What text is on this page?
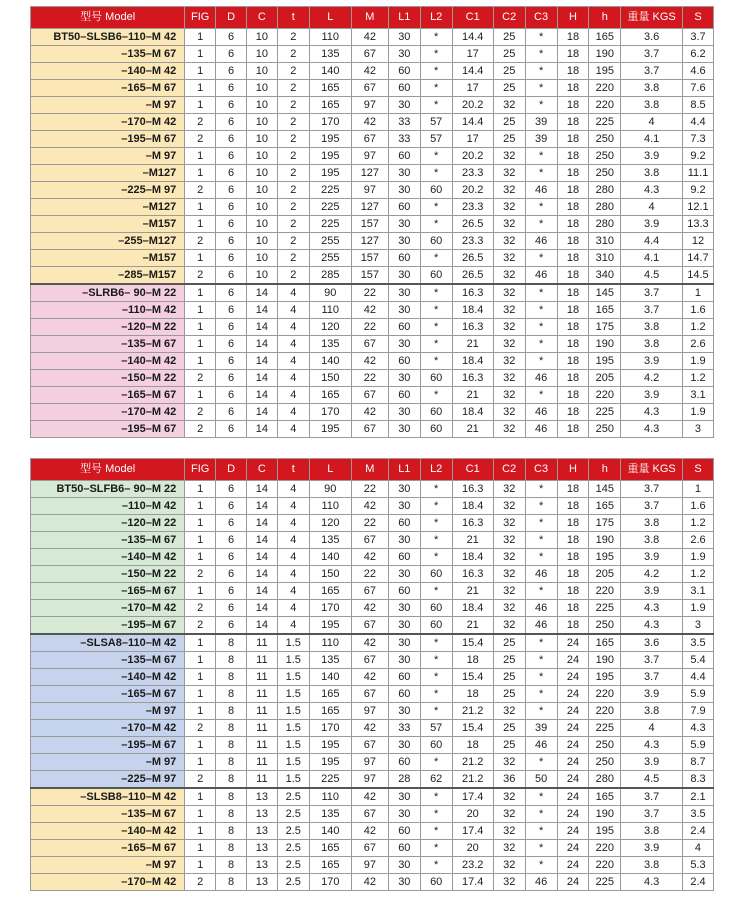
型号 Model	FIG	D	C	t	L	M	L1	L2	C1	C2	C3	H	h	重量 KGS	S
BT50–SLSB6–110–M 42	1	6	10	2	110	42	30	*	14.4	25	*	18	165	3.6	3.7
–135–M 67	1	6	10	2	135	67	30	*	17	25	*	18	190	3.7	6.2
–140–M 42	1	6	10	2	140	42	60	*	14.4	25	*	18	195	3.7	4.6
–165–M 67	1	6	10	2	165	67	60	*	17	25	*	18	220	3.8	7.6
–M 97	1	6	10	2	165	97	30	*	20.2	32	*	18	220	3.8	8.5
–170–M 42	2	6	10	2	170	42	33	57	14.4	25	39	18	225	4	4.4
–195–M 67	2	6	10	2	195	67	33	57	17	25	39	18	250	4.1	7.3
–M 97	1	6	10	2	195	97	60	*	20.2	32	*	18	250	3.9	9.2
–M127	1	6	10	2	195	127	30	*	23.3	32	*	18	250	3.8	11.1
–225–M 97	2	6	10	2	225	97	30	60	20.2	32	46	18	280	4.3	9.2
–M127	1	6	10	2	225	127	60	*	23.3	32	*	18	280	4	12.1
–M157	1	6	10	2	225	157	30	*	26.5	32	*	18	280	3.9	13.3
–255–M127	2	6	10	2	255	127	30	60	23.3	32	46	18	310	4.4	12
–M157	1	6	10	2	255	157	60	*	26.5	32	*	18	310	4.1	14.7
–285–M157	2	6	10	2	285	157	30	60	26.5	32	46	18	340	4.5	14.5
–SLRB6– 90–M 22	1	6	14	4	90	22	30	*	16.3	32	*	18	145	3.7	1
–110–M 42	1	6	14	4	110	42	30	*	18.4	32	*	18	165	3.7	1.6
–120–M 22	1	6	14	4	120	22	60	*	16.3	32	*	18	175	3.8	1.2
–135–M 67	1	6	14	4	135	67	30	*	21	32	*	18	190	3.8	2.6
–140–M 42	1	6	14	4	140	42	60	*	18.4	32	*	18	195	3.9	1.9
–150–M 22	2	6	14	4	150	22	30	60	16.3	32	46	18	205	4.2	1.2
–165–M 67	1	6	14	4	165	67	60	*	21	32	*	18	220	3.9	3.1
–170–M 42	2	6	14	4	170	42	30	60	18.4	32	46	18	225	4.3	1.9
–195–M 67	2	6	14	4	195	67	30	60	21	32	46	18	250	4.3	3
型号 Model	FIG	D	C	t	L	M	L1	L2	C1	C2	C3	H	h	重量 KGS	S
BT50–SLFB6– 90–M 22	1	6	14	4	90	22	30	*	16.3	32	*	18	145	3.7	1
–110–M 42	1	6	14	4	110	42	30	*	18.4	32	*	18	165	3.7	1.6
–120–M 22	1	6	14	4	120	22	60	*	16.3	32	*	18	175	3.8	1.2
–135–M 67	1	6	14	4	135	67	30	*	21	32	*	18	190	3.8	2.6
–140–M 42	1	6	14	4	140	42	60	*	18.4	32	*	18	195	3.9	1.9
–150–M 22	2	6	14	4	150	22	30	60	16.3	32	46	18	205	4.2	1.2
–165–M 67	1	6	14	4	165	67	60	*	21	32	*	18	220	3.9	3.1
–170–M 42	2	6	14	4	170	42	30	60	18.4	32	46	18	225	4.3	1.9
–195–M 67	2	6	14	4	195	67	30	60	21	32	46	18	250	4.3	3
–SLSA8–110–M 42	1	8	11	1.5	110	42	30	*	15.4	25	*	24	165	3.6	3.5
–135–M 67	1	8	11	1.5	135	67	30	*	18	25	*	24	190	3.7	5.4
–140–M 42	1	8	11	1.5	140	42	60	*	15.4	25	*	24	195	3.7	4.4
–165–M 67	1	8	11	1.5	165	67	60	*	18	25	*	24	220	3.9	5.9
–M 97	1	8	11	1.5	165	97	30	*	21.2	32	*	24	220	3.8	7.9
–170–M 42	2	8	11	1.5	170	42	33	57	15.4	25	39	24	225	4	4.3
–195–M 67	1	8	11	1.5	195	67	30	60	18	25	46	24	250	4.3	5.9
–M 97	1	8	11	1.5	195	97	60	*	21.2	32	*	24	250	3.9	8.7
–225–M 97	2	8	11	1.5	225	97	28	62	21.2	36	50	24	280	4.5	8.3
–SLSB8–110–M 42	1	8	13	2.5	110	42	30	*	17.4	32	*	24	165	3.7	2.1
–135–M 67	1	8	13	2.5	135	67	30	*	20	32	*	24	190	3.7	3.5
–140–M 42	1	8	13	2.5	140	42	60	*	17.4	32	*	24	195	3.8	2.4
–165–M 67	1	8	13	2.5	165	67	60	*	20	32	*	24	220	3.9	4
–M 97	1	8	13	2.5	165	97	30	*	23.2	32	*	24	220	3.8	5.3
–170–M 42	2	8	13	2.5	170	42	30	60	17.4	32	46	24	225	4.3	2.4
